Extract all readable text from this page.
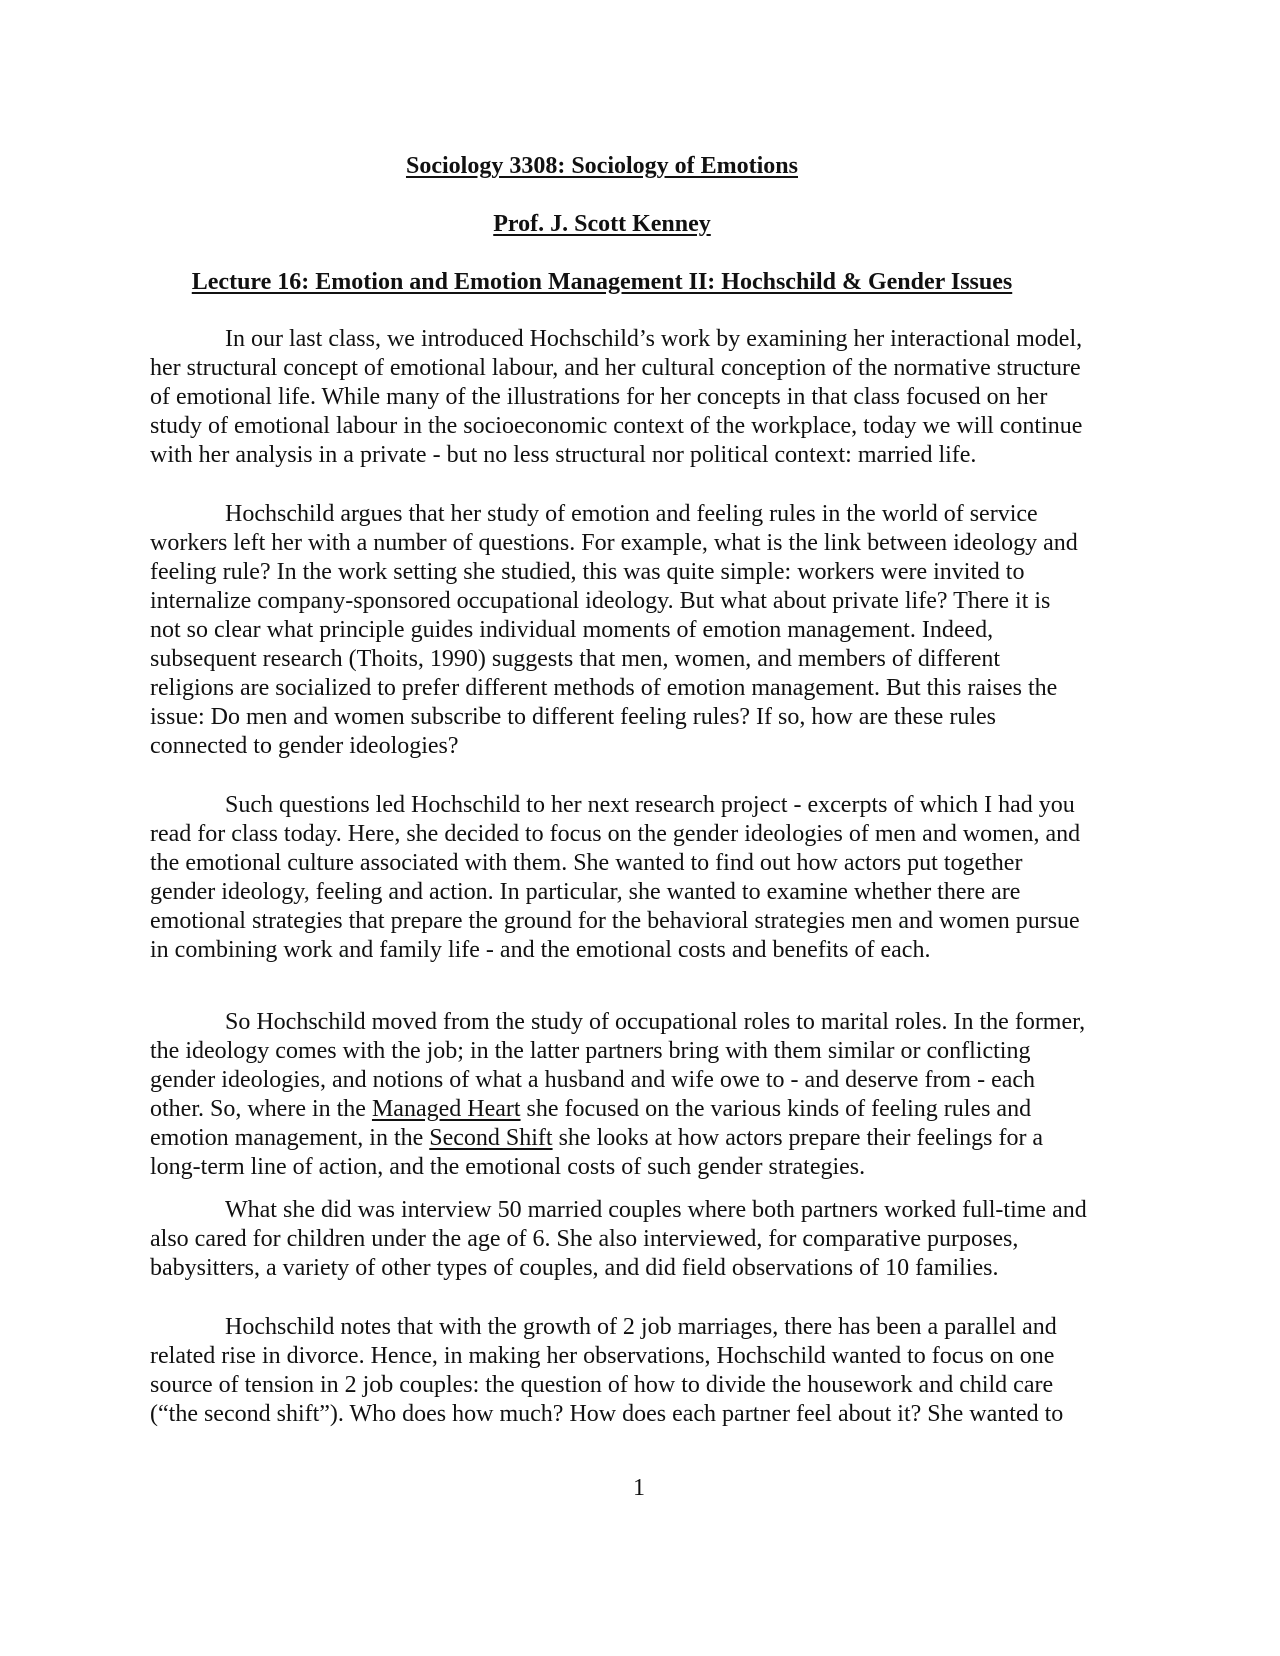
Sociology 3308: Sociology of Emotions
Prof. J. Scott Kenney
Lecture 16: Emotion and Emotion Management II: Hochschild & Gender Issues
In our last class, we introduced Hochschild’s work by examining her interactional model,
her structural concept of emotional labour, and her cultural conception of the normative structure
of emotional life. While many of the illustrations for her concepts in that class focused on her
study of emotional labour in the socioeconomic context of the workplace, today we will continue
with her analysis in a private - but no less structural nor political context: married life.
Hochschild argues that her study of emotion and feeling rules in the world of service
workers left her with a number of questions. For example, what is the link between ideology and
feeling rule? In the work setting she studied, this was quite simple: workers were invited to
internalize company-sponsored occupational ideology. But what about private life? There it is
not so clear what principle guides individual moments of emotion management. Indeed,
subsequent research (Thoits, 1990) suggests that men, women, and members of different
religions are socialized to prefer different methods of emotion management. But this raises the
issue: Do men and women subscribe to different feeling rules? If so, how are these rules
connected to gender ideologies?
Such questions led Hochschild to her next research project - excerpts of which I had you
read for class today. Here, she decided to focus on the gender ideologies of men and women, and
the emotional culture associated with them. She wanted to find out how actors put together
gender ideology, feeling and action. In particular, she wanted to examine whether there are
emotional strategies that prepare the ground for the behavioral strategies men and women pursue
in combining work and family life - and the emotional costs and benefits of each.
So Hochschild moved from the study of occupational roles to marital roles. In the former,
the ideology comes with the job; in the latter partners bring with them similar or conflicting
gender ideologies, and notions of what a husband and wife owe to - and deserve from - each
other. So, where in the Managed Heart she focused on the various kinds of feeling rules and
emotion management, in the Second Shift she looks at how actors prepare their feelings for a
long-term line of action, and the emotional costs of such gender strategies.
What she did was interview 50 married couples where both partners worked full-time and
also cared for children under the age of 6. She also interviewed, for comparative purposes,
babysitters, a variety of other types of couples, and did field observations of 10 families.
Hochschild notes that with the growth of 2 job marriages, there has been a parallel and
related rise in divorce. Hence, in making her observations, Hochschild wanted to focus on one
source of tension in 2 job couples: the question of how to divide the housework and child care
(“the second shift”). Who does how much? How does each partner feel about it? She wanted to
1
